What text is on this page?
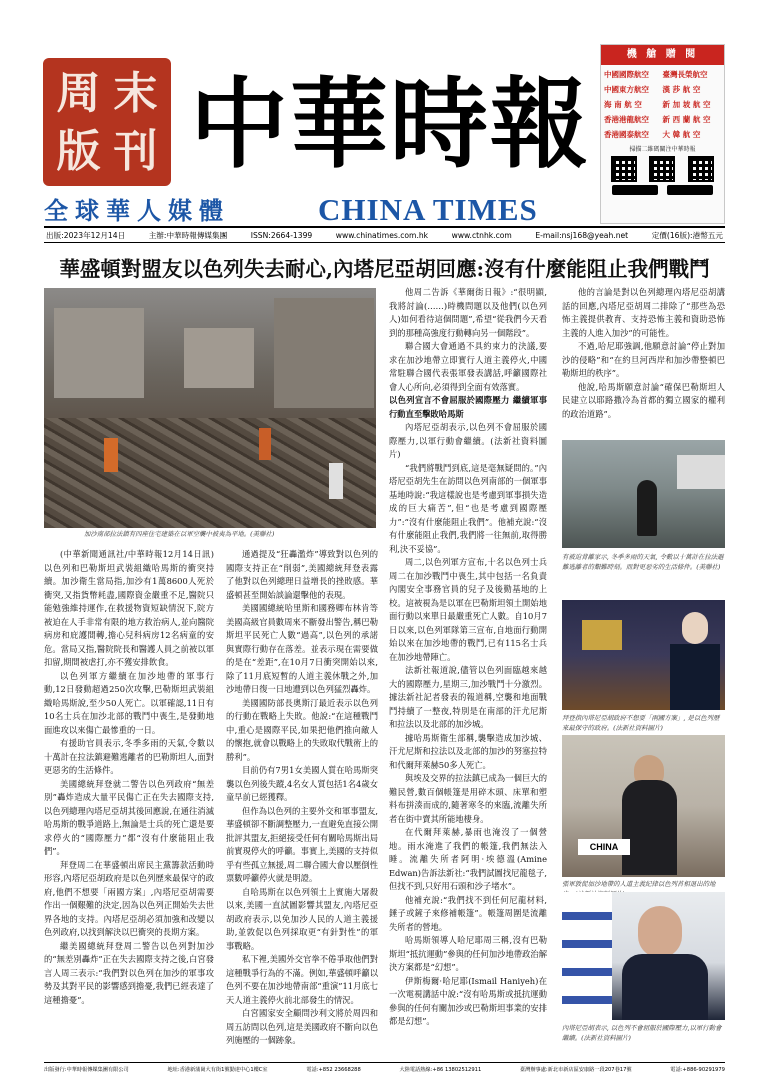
周 末
版 刊 中華時報
全球華人媒體	CHINA TIMES
機 艙 贈 閱
中國國際航空	臺灣長榮航空
中國東方航空	漢 莎 航 空
海 南 航 空	新 加 坡 航 空
香港港龍航空	新 西 蘭 航 空
香港國泰航空	大 韓 航 空
掃描二維碼關注中華時報
出版:2023年12月14日	主辦:中華時報傳媒集團	ISSN:2664-1399	www.chinatimes.com.hk	www.ctnhk.com	E-mail:nsj168@yeah.net	定價(16版):港幣五元
華盛頓對盟友以色列失去耐心,內塔尼亞胡回應:沒有什麼能阻止我們戰鬥
加沙南部拉法鎮有四座住宅建築在以軍空襲中被夷為平地。(美聯社)

(中華新聞通訊社/中華時報12月14日訊)以色列和巴勒斯坦武裝組織哈馬斯的衝突持續。加沙衛生當局指,加沙有1萬8600人死於衝突,又指貨幣耗盡,國際資金嚴重不足,醫院只能勉強維持運作,在救援物資短缺情況下,院方被迫在人手非常有限的地方救治病人,並向醫院病房和庇護間轉,擔心兒科病房12名病童的安危。當局又指,醫院院長和醫護人員之前被以軍扣留,期間被虐打,亦不獲安排飲食。

以色列軍方繼續在加沙地帶的軍事行動,12日發動超過250次攻擊,巴勒斯坦武裝組織哈馬斯說,至少50人死亡。以軍確認,11日有10名士兵在加沙北部的戰鬥中喪生,是發動地面進攻以來傷亡最慘重的一日。

有援助官員表示,冬季多雨的天氣,令數以十萬計在拉法鎮避難逃離者的巴勒斯坦人,面對更惡劣的生活條件。

美國總統拜登就二警告以色列政府“無差別”轟炸造成大量平民傷亡正在失去國際支持,以色列總理內塔尼亞胡其後回應說,在通往消滅哈馬斯的戰爭道路上,無論是士兵的死亡還是要求停火的“國際壓力”都“沒有什麼能阻止我們”。

拜登周二在華盛頓出席民主黨籌款活動時形容,內塔尼亞胡政府是以色列歷來最保守的政府,他們不想要「兩國方案」,內塔尼亞胡需要作出一個艱難的決定,因為以色列正開始失去世界各地的支持。內塔尼亞胡必須加強和改變以色列政府,以找到解決以巴衝突的長期方案。

繼美國總統拜登周二警告以色列對加沙的“無差別轟炸”正在失去國際支持之後,白宮發言人周三表示:“我們對以色列在加沙的軍事攻勢及其對平民的影響感到擔憂,我們已經表達了這種擔憂”。

通過提及“狂轟濫炸”導致對以色列的國際支持正在“削弱”,美國總統拜登表露了他對以色列總理日益增長的挫敗感。華盛頓甚至開始談論還擊他的表現。

美國國總統哈里斯和國務卿布林肯等美國高級官員數周來不斷發出警告,稱巴勒斯坦平民死亡人數“過高”,以色列的承諾與實際行動存在落差。並表示現在需要做的是在“差距”,在10月7日衝突開始以來,除了11月底短暫的人道主義休戰之外,加沙地帶日復一日地遭到以色列猛烈轟炸。

美國國防部長奧斯汀最近表示以色列的行動在戰略上失敗。他說:“在這種戰鬥中,重心是國際平民,如果把他們推向敵人的懷抱,就會以戰略上的失敗取代戰術上的勝利”。

目前仍有7男1女美國人質在哈馬斯突襲以色列後失蹤,4名女人質包括1名4歲女童早前已經獲釋。

但作為以色列的主要外交和軍事盟友,華盛頓卻不斷調整壓力,一直避免直接公開批評其盟友,拒絕接受任何有關哈馬斯出局前實現停火的呼籲。事實上,美國的支持似乎有些孤立無援,周二聯合國大會以壓倒性票數呼籲停火就是明證。

自哈馬斯在以色列領土上實施大屠殺以來,美國一直試圖影響其盟友,內塔尼亞胡政府表示,以免加沙人民的人道主義援助,並敦促以色列採取更“有針對性”的軍事戰略。

私下裡,美國外交官拳不倦爭取他們對這種戰爭行為的不滿。例如,華盛頓呼籲以色列不要在加沙地帶南部“重演”11月底七天人道主義停火前北部發生的情況。

白宮國家安全顧問沙利文將於周四和周五訪問以色列,這是美國政府不斷向以色列施壓的一個跡象。

他周二告訴《華爾街日報》:“很明顯,我將討論(……)時機問題以及他們(以色列人)如何看待這個問題”,希望“從我們今天看到的那種高強度行動轉向另一個階段”。

聯合國大會通過不具約束力的決議,要求在加沙地帶立即實行人道主義停火,中國常駐聯合國代表張軍發表講話,呼籲國際社會人心所向,必須得到全面有效落實。

以色列宣言不會屈服於國際壓力 繼續軍事行動直至擊敗哈馬斯

內塔尼亞胡表示,以色列不會屈服於國際壓力,以軍行動會繼續。(法新社資料圖片)

“我們將戰鬥到底,這是毫無疑問的。”內塔尼亞胡先生在訪問以色列南部的一個軍事基地時說:“我這樣說也是考慮到軍事損失造成的巨大痛苦”,但“也是考慮到國際壓力”:“沒有什麼能阻止我們”。他補充說:“沒有什麼能阻止我們,我們將一往無前,取得勝利,決不妥協”。

周二,以色列軍方宣布,十名以色列士兵周二在加沙戰鬥中喪生,其中包括一名負責內閣安全事務官員的兒子及後勤基地的上校。這被視為是以軍在巴勒斯坦領土開始地面行動以來單日最嚴重死亡人數。自10月7日以來,以色列軍隊第三宣布,自地面行動開始以來在加沙地帶的戰鬥,已有115名士兵在加沙地帶陣亡。

法新社報道說,儘管以色列面臨越來越大的國際壓力,星期三,加沙戰鬥十分激烈。據法新社記者發表的報道稱,空襲和地面戰鬥持續了一整夜,特別是在南部的汗尤尼斯和拉法以及北部的加沙城。

據哈馬斯衛生部稱,襲擊造成加沙城、汗尤尼斯和拉法以及北部的加沙的努塞拉特和代爾拜萊赫50多人死亡。

與埃及交界的拉法鎮已成為一個巨大的難民營,數百個帳篷是用碎木頭、床單和塑料布拼湊而成的,隨著寒冬的來臨,流離失所者在街中賣其所能地棲身。

在代爾拜萊赫,暴雨也淹沒了一個營地。雨水淹進了我們的帳篷,我們無法入睡。流離失所者阿明·埃德溫(Amine Edwan)告訴法新社:“我們試圖找尼龍毯子,但找不到,只好用石頭和沙子堵水”。

他補充說:“我們找不到任何尼龍材料,錘子或鏟子來修補帳篷”。帳篷周圍是流離失所者的營地。

哈馬斯領導人哈尼耶周三稱,沒有巴勒斯坦“抵抗運動”參與的任何加沙地帶政治解決方案都是“幻想”。

伊斯梅爾·哈尼耶(Ismail Haniyeh)在一次電視講話中說:“沒有哈馬斯或抵抗運動參與的任何有關加沙或巴勒斯坦事業的安排都是幻想”。

他的言論是對以色列總理內塔尼亞胡講話的回應,內塔尼亞胡周二排除了“那些為恐怖主義提供教育、支持恐怖主義和資助恐怖主義的人進入加沙”的可能性。

不過,哈尼耶強調,他願意討論“停止對加沙的侵略”和“在約旦河西岸和加沙帶整頓巴勒斯坦的秩序”。

他說,哈馬斯願意討論“確保巴勒斯坦人民建立以耶路撒冷為首都的獨立國家的權利的政治道路”。

有被迫背離家示, 冬季多雨的天氣, 令數以十萬計在拉法避難逃離者的艱難時刻。而對更惡劣的生活條件。(美聯社)
拜登指內塔尼亞胡政府不想要「兩國方案」, 是以色列歷來最保守的政府。(法新社資料圖片)
CHINA
張軍敦促加沙地帶的人道主義紀律以色列首相退出的地
內塔尼亞胡表示, 以色列不會屈服於國際壓力,以軍行動會繼續。(法新社資料圖片)
出版發行:中華時報傳媒集團有限公司	地址:香港新蒲崗大有街1號勤達中心1樓C室	電話:+852 23668288	大陸電話熱線:+86 13802512911	臺灣辦事處:新北市新店區安康路一段207巷17號	電話:+886-90291979
